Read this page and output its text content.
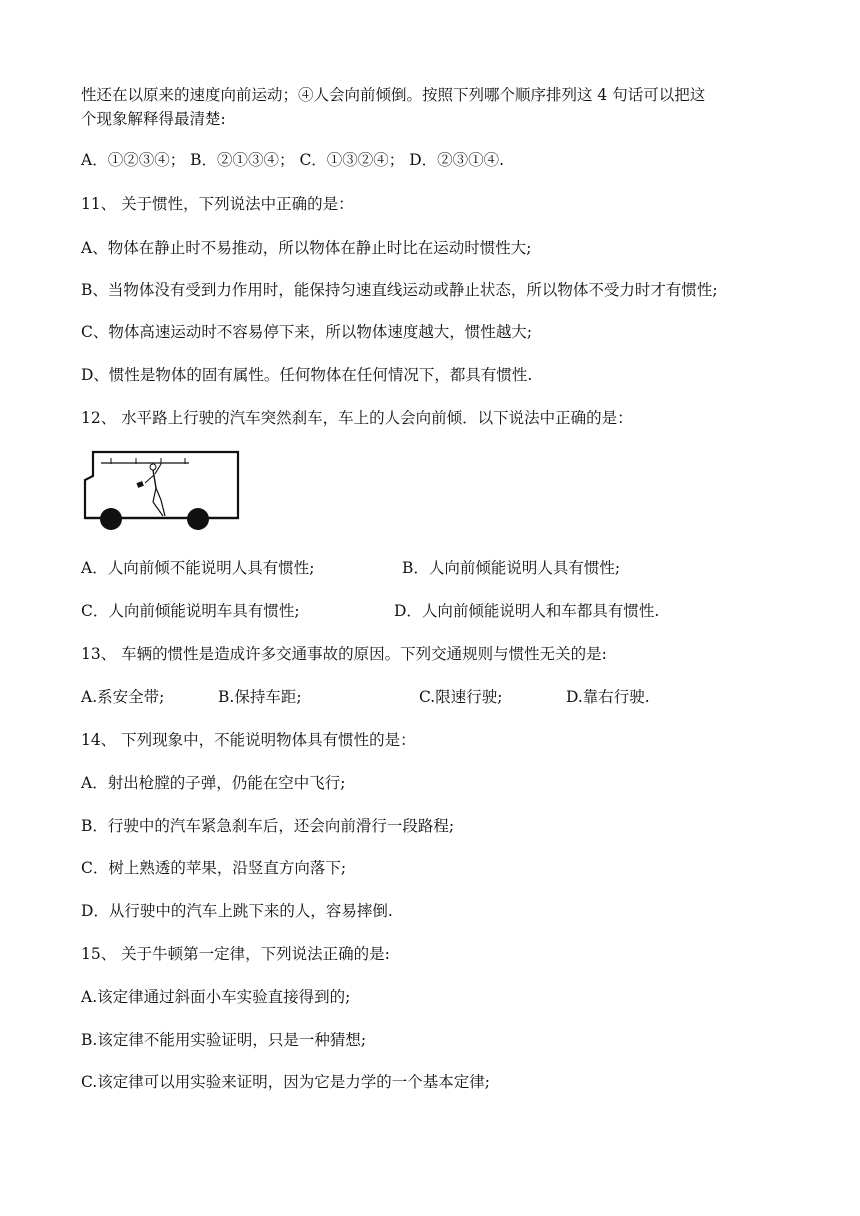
性还在以原来的速度向前运动；④人会向前倾倒。按照下列哪个顺序排列这 4 句话可以把这
个现象解释得最清楚:
A．①②③④； B．②①③④； C．①③②④； D．②③①④.
11、 关于惯性，下列说法中正确的是：
A、物体在静止时不易推动，所以物体在静止时比在运动时惯性大;
B、当物体没有受到力作用时，能保持匀速直线运动或静止状态，所以物体不受力时才有惯性;
C、物体高速运动时不容易停下来，所以物体速度越大，惯性越大;
D、惯性是物体的固有属性。任何物体在任何情况下，都具有惯性.
12、 水平路上行驶的汽车突然刹车，车上的人会向前倾．以下说法中正确的是：
A．人向前倾不能说明人具有惯性;	B．人向前倾能说明人具有惯性;
C．人向前倾能说明车具有惯性;	D．人向前倾能说明人和车都具有惯性.
13、 车辆的惯性是造成许多交通事故的原因。下列交通规则与惯性无关的是:
A.系安全带;	B.保持车距;	C.限速行驶;	D.靠右行驶.
14、 下列现象中，不能说明物体具有惯性的是：
A．射出枪膛的子弹，仍能在空中飞行;
B．行驶中的汽车紧急刹车后，还会向前滑行一段路程;
C．树上熟透的苹果，沿竖直方向落下;
D．从行驶中的汽车上跳下来的人，容易摔倒.
15、 关于牛顿第一定律，下列说法正确的是:
A.该定律通过斜面小车实验直接得到的;
B.该定律不能用实验证明，只是一种猜想;
C.该定律可以用实验来证明，因为它是力学的一个基本定律;
